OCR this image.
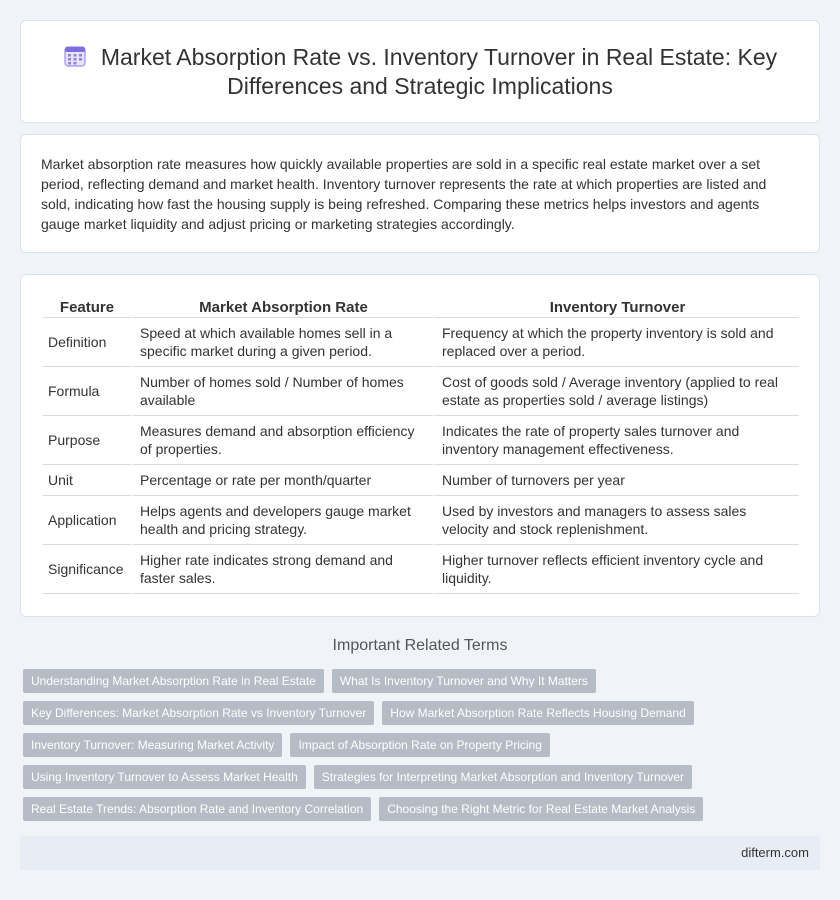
Market Absorption Rate vs. Inventory Turnover in Real Estate: Key Differences and Strategic Implications

Market absorption rate measures how quickly available properties are sold in a specific real estate market over a set period, reflecting demand and market health. Inventory turnover represents the rate at which properties are listed and sold, indicating how fast the housing supply is being refreshed. Comparing these metrics helps investors and agents gauge market liquidity and adjust pricing or marketing strategies accordingly.

Feature	Market Absorption Rate	Inventory Turnover
Definition	Speed at which available homes sell in a specific market during a given period.	Frequency at which the property inventory is sold and replaced over a period.
Formula	Number of homes sold / Number of homes available	Cost of goods sold / Average inventory (applied to real estate as properties sold / average listings)
Purpose	Measures demand and absorption efficiency of properties.	Indicates the rate of property sales turnover and inventory management effectiveness.
Unit	Percentage or rate per month/quarter	Number of turnovers per year
Application	Helps agents and developers gauge market health and pricing strategy.	Used by investors and managers to assess sales velocity and stock replenishment.
Significance	Higher rate indicates strong demand and faster sales.	Higher turnover reflects efficient inventory cycle and liquidity.
Important Related Terms
Understanding Market Absorption Rate in Real Estate	What Is Inventory Turnover and Why It Matters
Key Differences: Market Absorption Rate vs Inventory Turnover	How Market Absorption Rate Reflects Housing Demand
Inventory Turnover: Measuring Market Activity	Impact of Absorption Rate on Property Pricing
Using Inventory Turnover to Assess Market Health	Strategies for Interpreting Market Absorption and Inventory Turnover
Real Estate Trends: Absorption Rate and Inventory Correlation	Choosing the Right Metric for Real Estate Market Analysis
difterm.com
